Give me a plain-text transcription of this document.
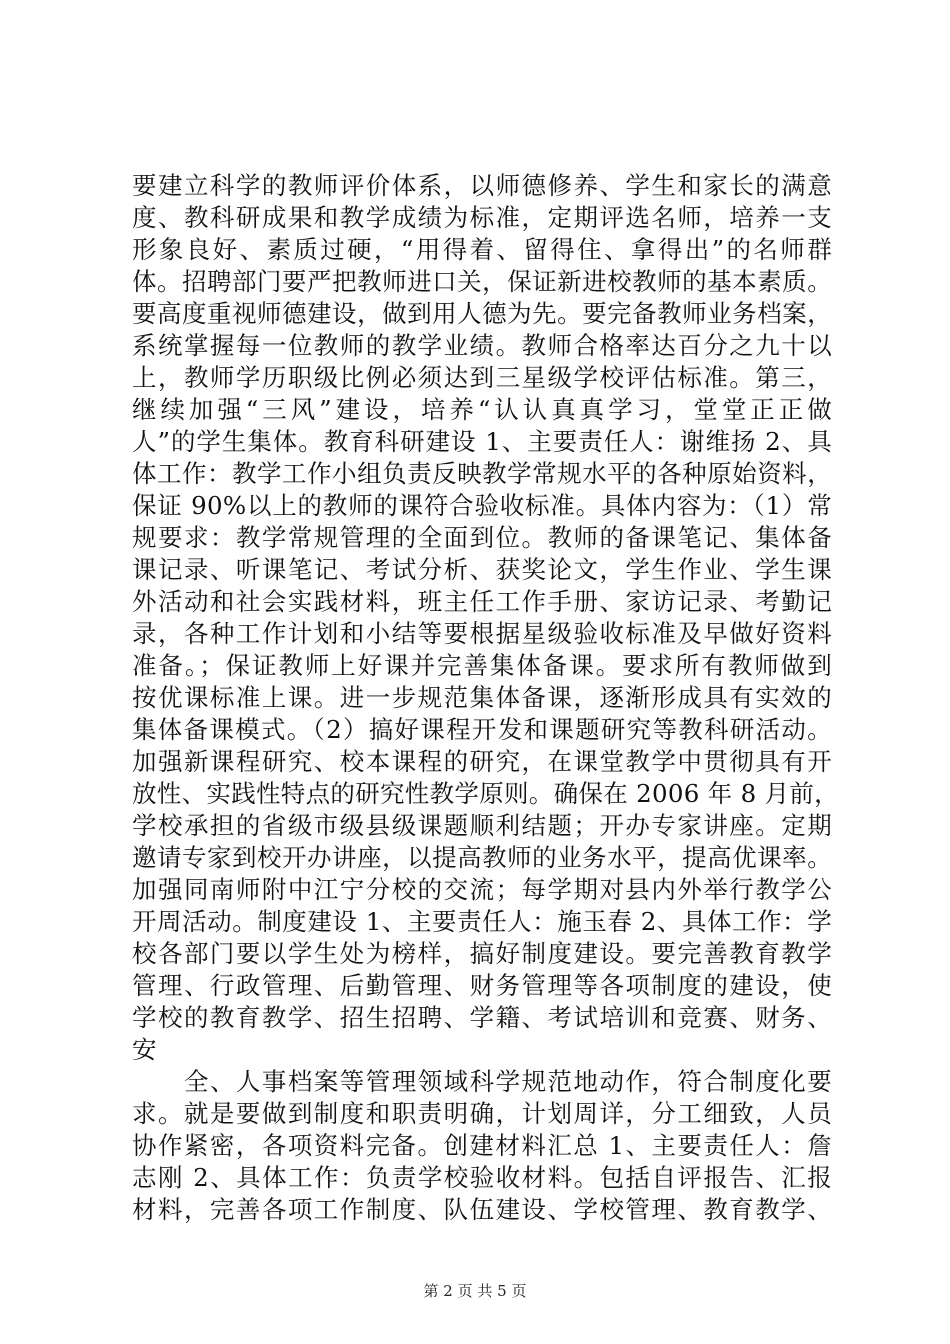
要建立科学的教师评价体系，以师德修养、学生和家长的满意
度、教科研成果和教学成绩为标准，定期评选名师，培养一支
形象良好、素质过硬，“用得着、留得住、拿得出”的名师群
体。招聘部门要严把教师进口关，保证新进校教师的基本素质。
要高度重视师德建设，做到用人德为先。要完备教师业务档案，
系统掌握每一位教师的教学业绩。教师合格率达百分之九十以
上，教师学历职级比例必须达到三星级学校评估标准。第三，
继续加强“三风”建设，培养“认认真真学习，堂堂正正做
人”的学生集体。教育科研建设 1、主要责任人：谢维扬 2、具
体工作：教学工作小组负责反映教学常规水平的各种原始资料，
保证 90%以上的教师的课符合验收标准。具体内容为：（1）常
规要求：教学常规管理的全面到位。教师的备课笔记、集体备
课记录、听课笔记、考试分析、获奖论文，学生作业、学生课
外活动和社会实践材料，班主任工作手册、家访记录、考勤记
录，各种工作计划和小结等要根据星级验收标准及早做好资料
准备。；保证教师上好课并完善集体备课。要求所有教师做到
按优课标准上课。进一步规范集体备课，逐渐形成具有实效的
集体备课模式。（2）搞好课程开发和课题研究等教科研活动。
加强新课程研究、校本课程的研究，在课堂教学中贯彻具有开
放性、实践性特点的研究性教学原则。确保在 2006 年 8 月前，
学校承担的省级市级县级课题顺利结题；开办专家讲座。定期
邀请专家到校开办讲座，以提高教师的业务水平，提高优课率。
加强同南师附中江宁分校的交流；每学期对县内外举行教学公
开周活动。制度建设 1、主要责任人：施玉春 2、具体工作：学
校各部门要以学生处为榜样，搞好制度建设。要完善教育教学
管理、行政管理、后勤管理、财务管理等各项制度的建设，使
学校的教育教学、招生招聘、学籍、考试培训和竞赛、财务、
安
全、人事档案等管理领域科学规范地动作，符合制度化要
求。就是要做到制度和职责明确，计划周详，分工细致，人员
协作紧密，各项资料完备。创建材料汇总 1、主要责任人：詹
志刚 2、具体工作：负责学校验收材料。包括自评报告、汇报
材料，完善各项工作制度、队伍建设、学校管理、教育教学、
第 2 页 共 5 页
